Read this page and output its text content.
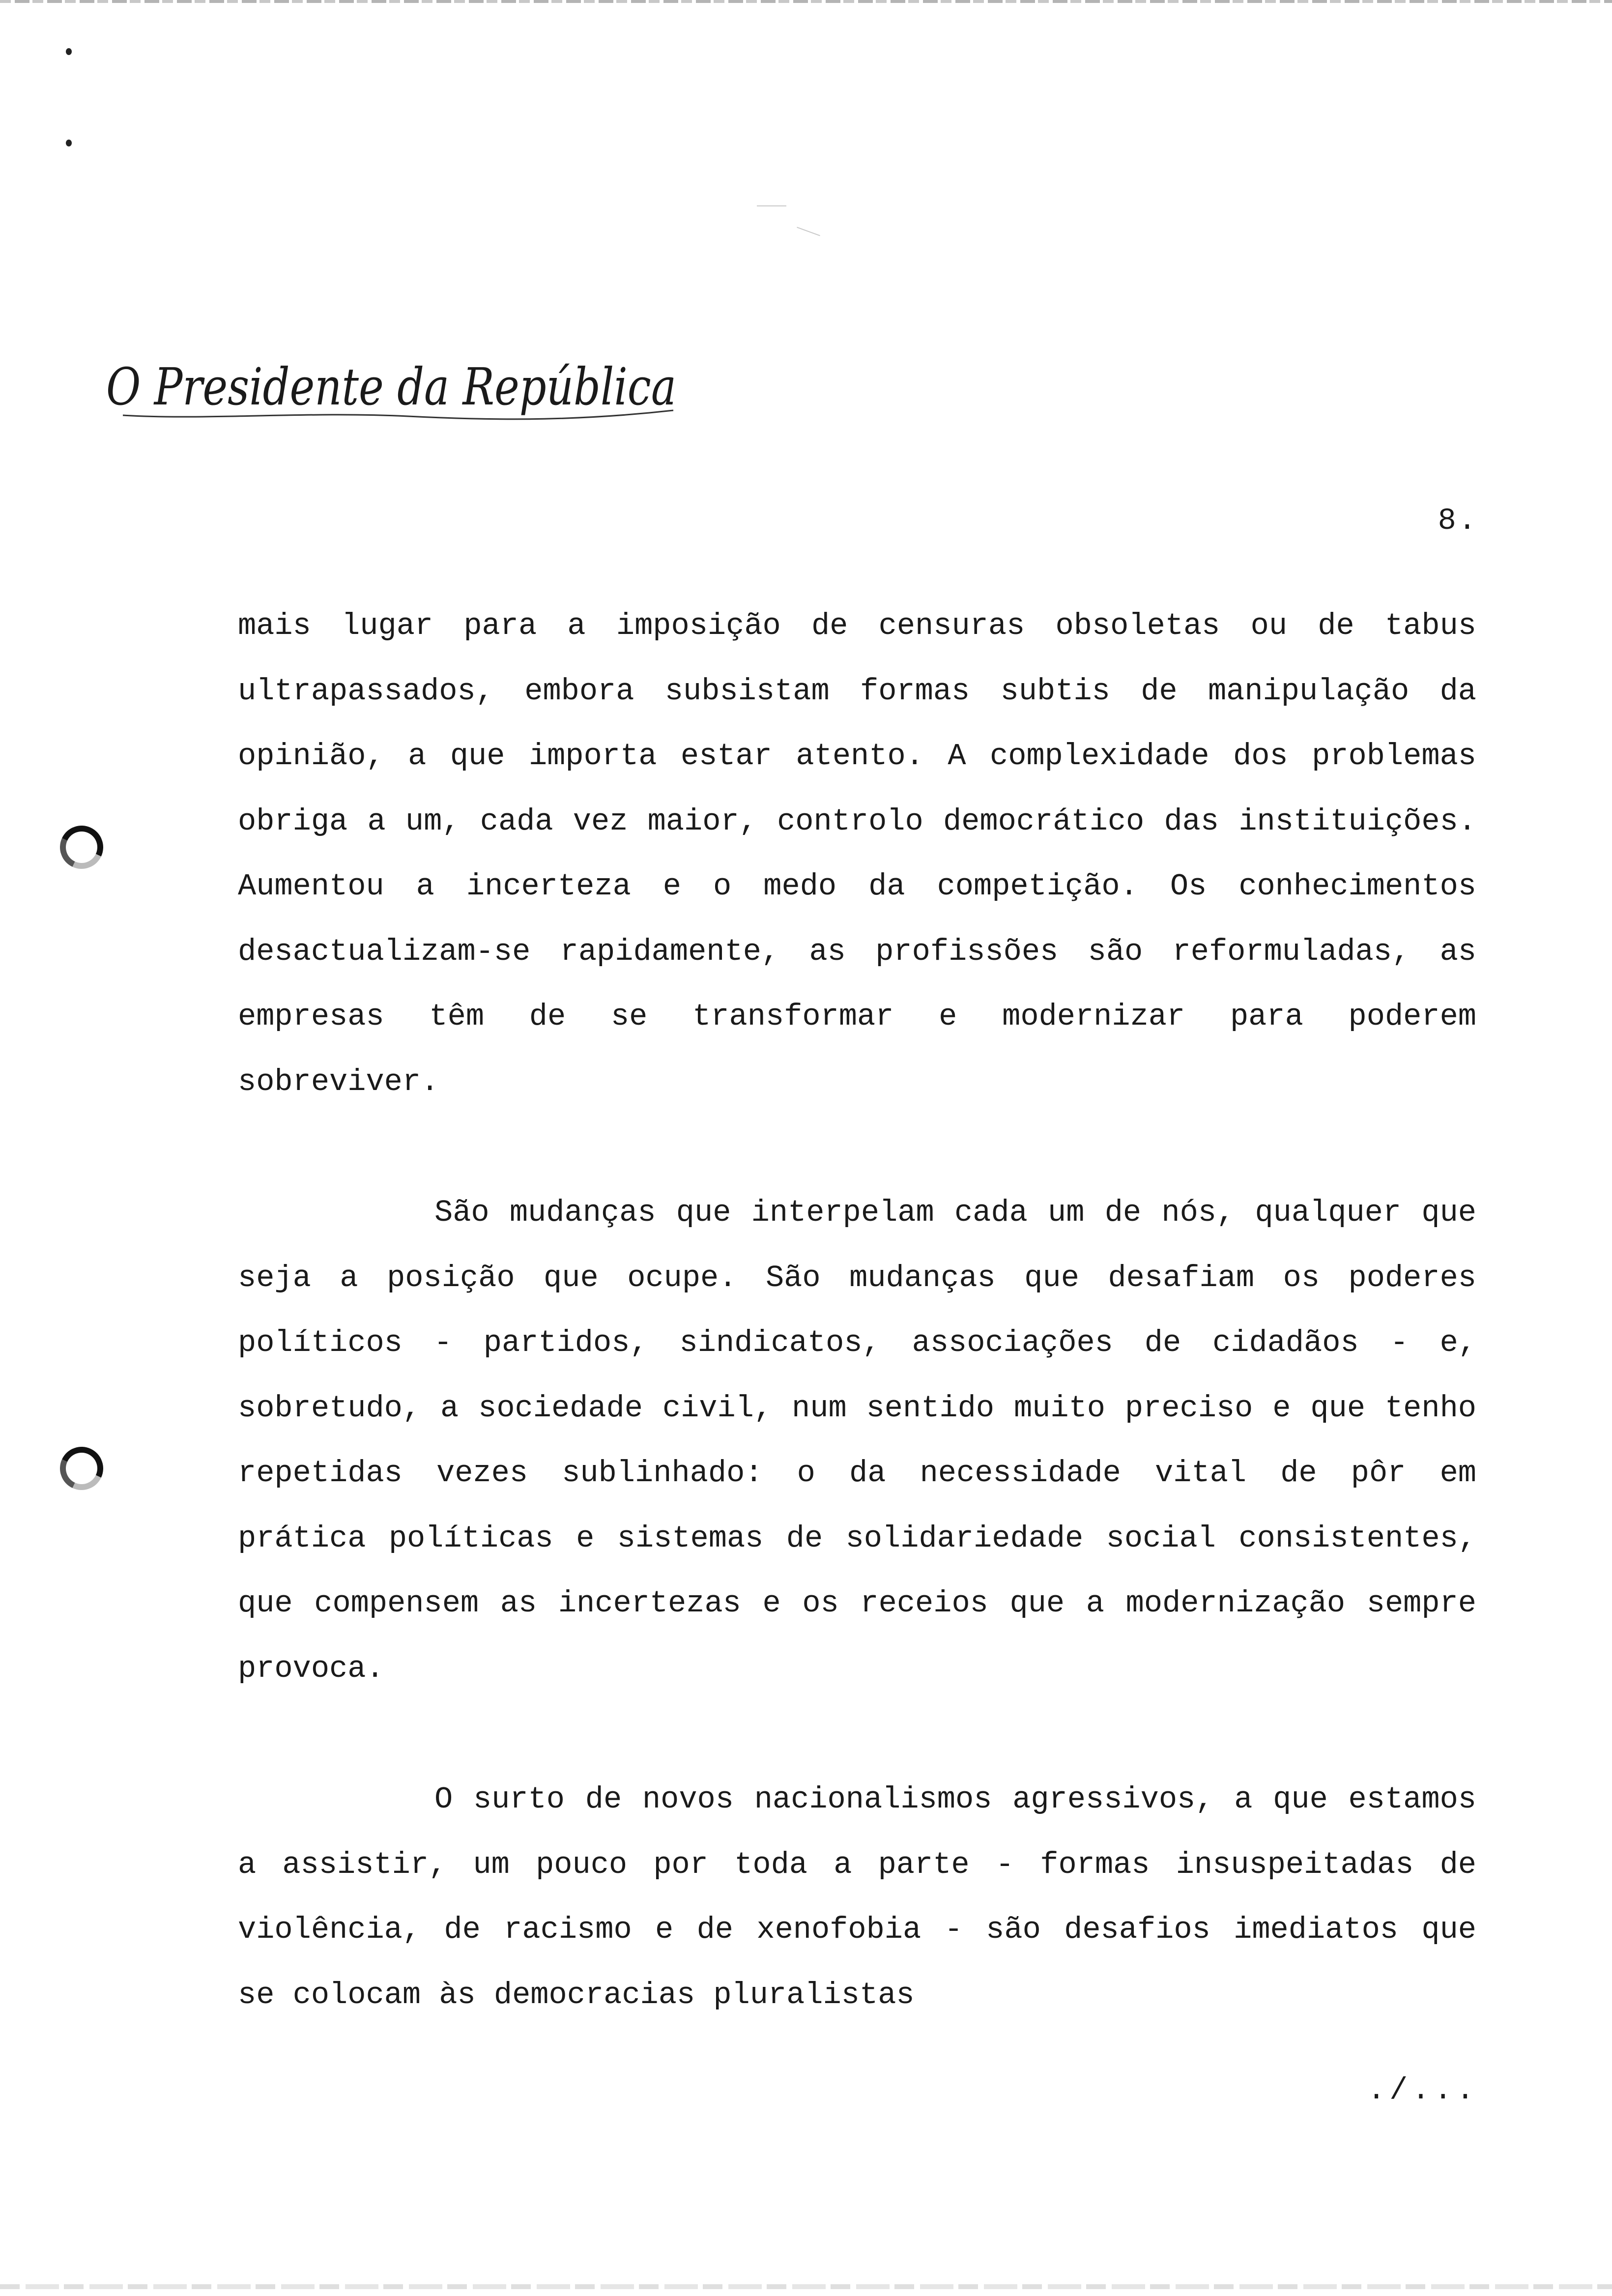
O Presidente da República
8.

mais lugar para a imposição de censuras obsoletas ou de tabus ultrapassados, embora subsistam formas subtis de manipulação da opinião, a que importa estar atento. A complexidade dos problemas obriga a um, cada vez maior, controlo democrático das instituições. Aumentou a incerteza e o medo da competição. Os conhecimentos desactualizam-se rapidamente, as profissões são reformuladas, as empresas têm de se transformar e modernizar para poderem sobreviver.

São mudanças que interpelam cada um de nós, qualquer que seja a posição que ocupe. São mudanças que desafiam os poderes políticos - partidos, sindicatos, associações de cidadãos - e, sobretudo, a sociedade civil, num sentido muito preciso e que tenho repetidas vezes sublinhado: o da necessidade vital de pôr em prática políticas e sistemas de solidariedade social consistentes, que compensem as incertezas e os receios que a modernização sempre provoca.

O surto de novos nacionalismos agressivos, a que estamos a assistir, um pouco por toda a parte - formas insuspeitadas de violência, de racismo e de xenofobia - são desafios imediatos que se colocam às democracias pluralistas

./...
